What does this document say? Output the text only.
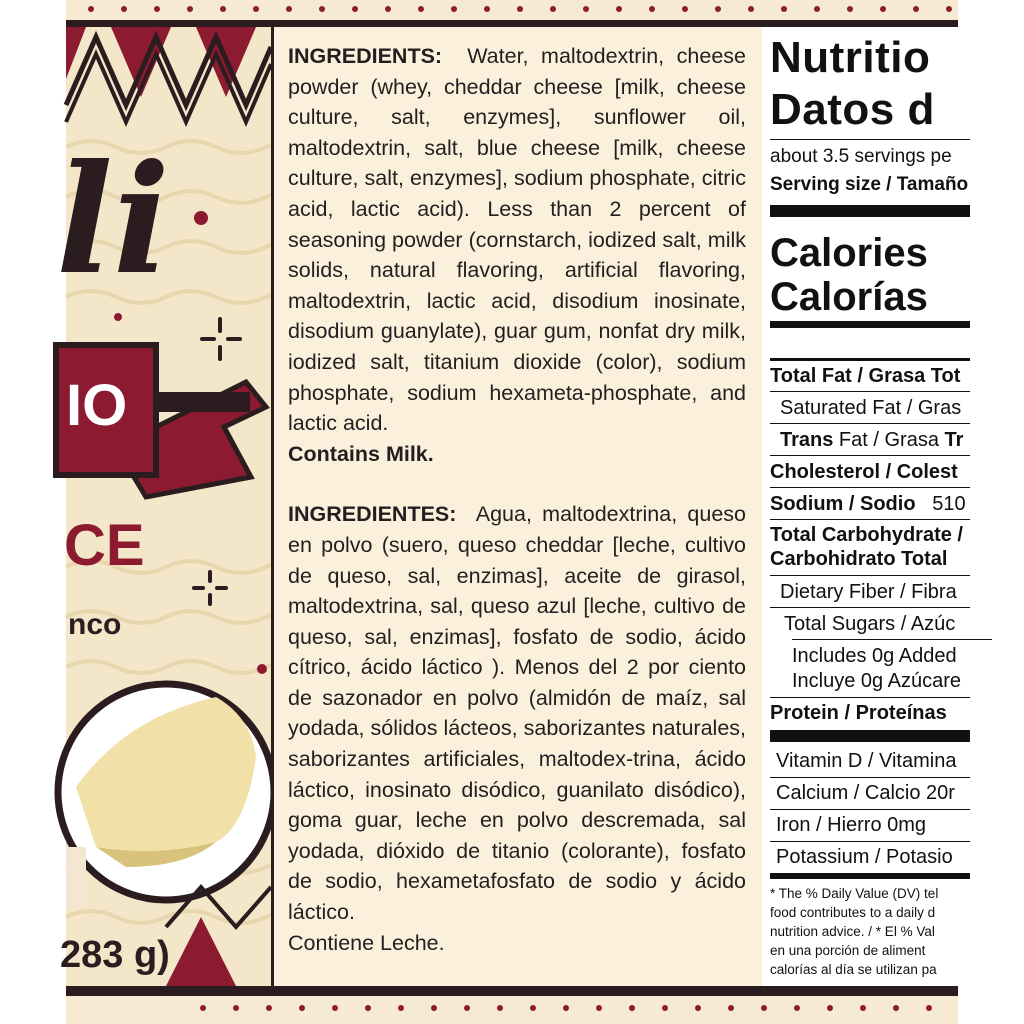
li
IO
CE
nco
283 g)

INGREDIENTS: Water, maltodextrin, cheese powder (whey, cheddar cheese [milk, cheese culture, salt, enzymes], sunflower oil, maltodextrin, salt, blue cheese [milk, cheese culture, salt, enzymes], sodium phosphate, citric acid, lactic acid). Less than 2 percent of seasoning powder (cornstarch, iodized salt, milk solids, natural flavoring, artificial flavoring, maltodextrin, lactic acid, disodium inosinate, disodium guanylate), guar gum, nonfat dry milk, iodized salt, titanium dioxide (color), sodium phosphate, sodium hexameta-phosphate, and lactic acid.

Contains Milk.

INGREDIENTES: Agua, maltodextrina, queso en polvo (suero, queso cheddar [leche, cultivo de queso, sal, enzimas], aceite de girasol, maltodextrina, sal, queso azul [leche, cultivo de queso, sal, enzimas], fosfato de sodio, ácido cítrico, ácido láctico ). Menos del 2 por ciento de sazonador en polvo (almidón de maíz, sal yodada, sólidos lácteos, saborizantes naturales, saborizantes artificiales, maltodex-trina, ácido láctico, inosinato disódico, guanilato disódico), goma guar, leche en polvo descremada, sal yodada, dióxido de titanio (colorante), fosfato de sodio, hexametafosfato de sodio y ácido láctico.

Contiene Leche.

Nutritio
Datos d
about 3.5 servings pe
Serving size / Tamaño
Calories
Calorías
Total Fat / Grasa Tot
Saturated Fat / Gras
Trans Fat / Grasa Tr
Cholesterol / Colest
Sodium / Sodio 510
Total Carbohydrate /
Carbohidrato Total
Dietary Fiber / Fibra
Total Sugars / Azúc
Includes 0g Added
Incluye 0g Azúcare
Protein / Proteínas
Vitamin D / Vitamina
Calcium / Calcio 20r
Iron / Hierro 0mg
Potassium / Potasio
* The % Daily Value (DV) tel
food contributes to a daily d
nutrition advice. / * El % Val
en una porción de aliment
calorías al día se utilizan pa
